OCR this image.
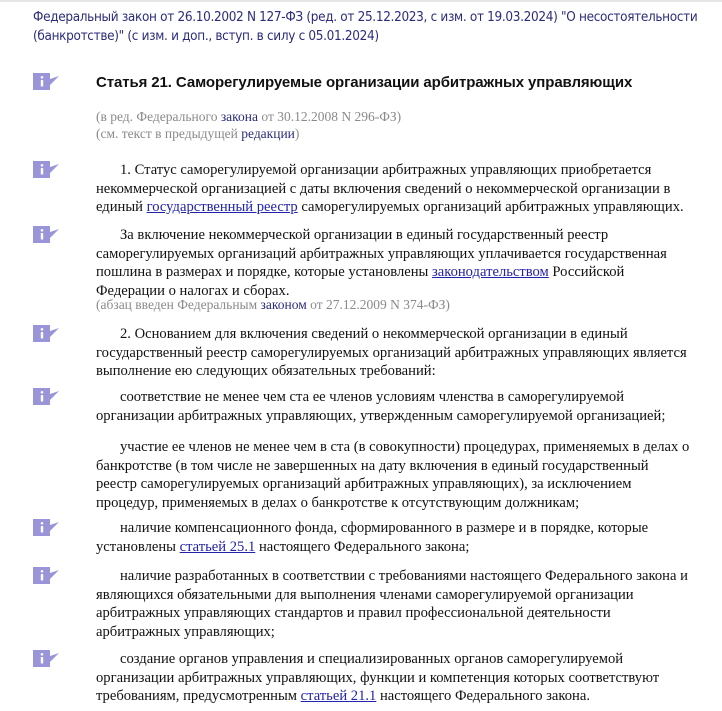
Федеральный закон от 26.10.2002 N 127-ФЗ (ред. от 25.12.2023, с изм. от 19.03.2024) "О несостоятельности
(банкротстве)" (с изм. и доп., вступ. в силу с 05.01.2024)
Статья 21. Саморегулируемые организации арбитражных управляющих
(в ред. Федерального закона от 30.12.2008 N 296-ФЗ)
(см. текст в предыдущей редакции)
1. Статус саморегулируемой организации арбитражных управляющих приобретается
некоммерческой организацией с даты включения сведений о некоммерческой организации в
единый государственный реестр саморегулируемых организаций арбитражных управляющих.
За включение некоммерческой организации в единый государственный реестр
саморегулируемых организаций арбитражных управляющих уплачивается государственная
пошлина в размерах и порядке, которые установлены законодательством Российской
Федерации о налогах и сборах.
(абзац введен Федеральным законом от 27.12.2009 N 374-ФЗ)
2. Основанием для включения сведений о некоммерческой организации в единый
государственный реестр саморегулируемых организаций арбитражных управляющих является
выполнение ею следующих обязательных требований:
соответствие не менее чем ста ее членов условиям членства в саморегулируемой
организации арбитражных управляющих, утвержденным саморегулируемой организацией;
участие ее членов не менее чем в ста (в совокупности) процедурах, применяемых в делах о
банкротстве (в том числе не завершенных на дату включения в единый государственный
реестр саморегулируемых организаций арбитражных управляющих), за исключением
процедур, применяемых в делах о банкротстве к отсутствующим должникам;
наличие компенсационного фонда, сформированного в размере и в порядке, которые
установлены статьей 25.1 настоящего Федерального закона;
наличие разработанных в соответствии с требованиями настоящего Федерального закона и
являющихся обязательными для выполнения членами саморегулируемой организации
арбитражных управляющих стандартов и правил профессиональной деятельности
арбитражных управляющих;
создание органов управления и специализированных органов саморегулируемой
организации арбитражных управляющих, функции и компетенция которых соответствуют
требованиям, предусмотренным статьей 21.1 настоящего Федерального закона.
